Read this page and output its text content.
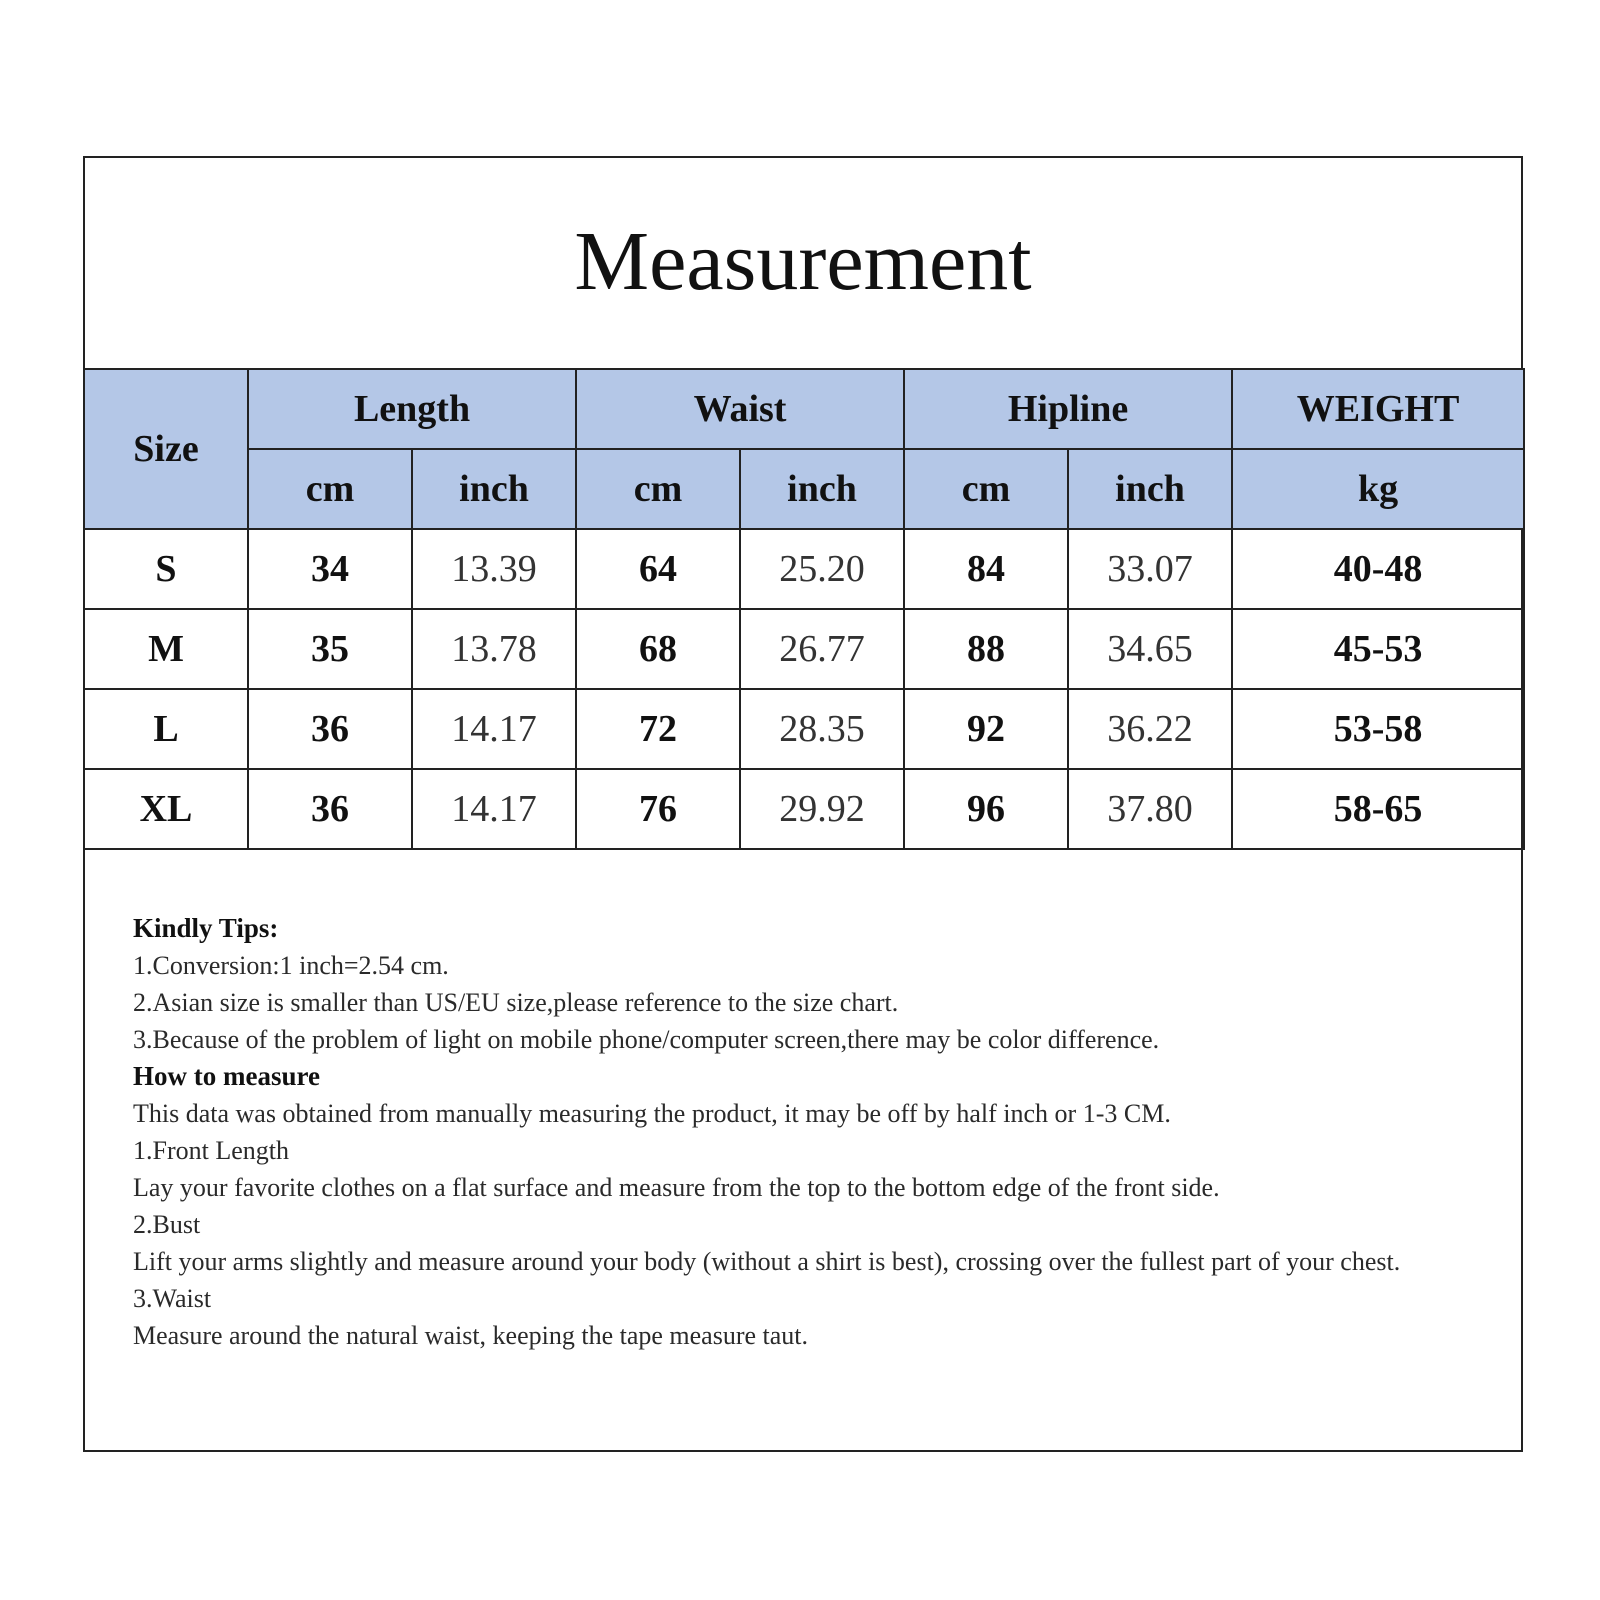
Measurement
Size	Length		Waist		Hipline		WEIGHT
	cm	inch	cm	inch	cm	inch	kg
S	34	13.39	64	25.20	84	33.07	40-48
M	35	13.78	68	26.77	88	34.65	45-53
L	36	14.17	72	28.35	92	36.22	53-58
XL	36	14.17	76	29.92	96	37.80	58-65
Kindly Tips:
1.Conversion:1 inch=2.54 cm.
2.Asian size is smaller than US/EU size,please reference to the size chart.
3.Because of the problem of light on mobile phone/computer screen,there may be color difference.
How to measure
This data was obtained from manually measuring the product, it may be off by half inch or 1-3 CM.
1.Front Length
Lay your favorite clothes on a flat surface and measure from the top to the bottom edge of the front side.
2.Bust
Lift your arms slightly and measure around your body (without a shirt is best), crossing over the fullest part of your chest.
3.Waist
Measure around the natural waist, keeping the tape measure taut.
